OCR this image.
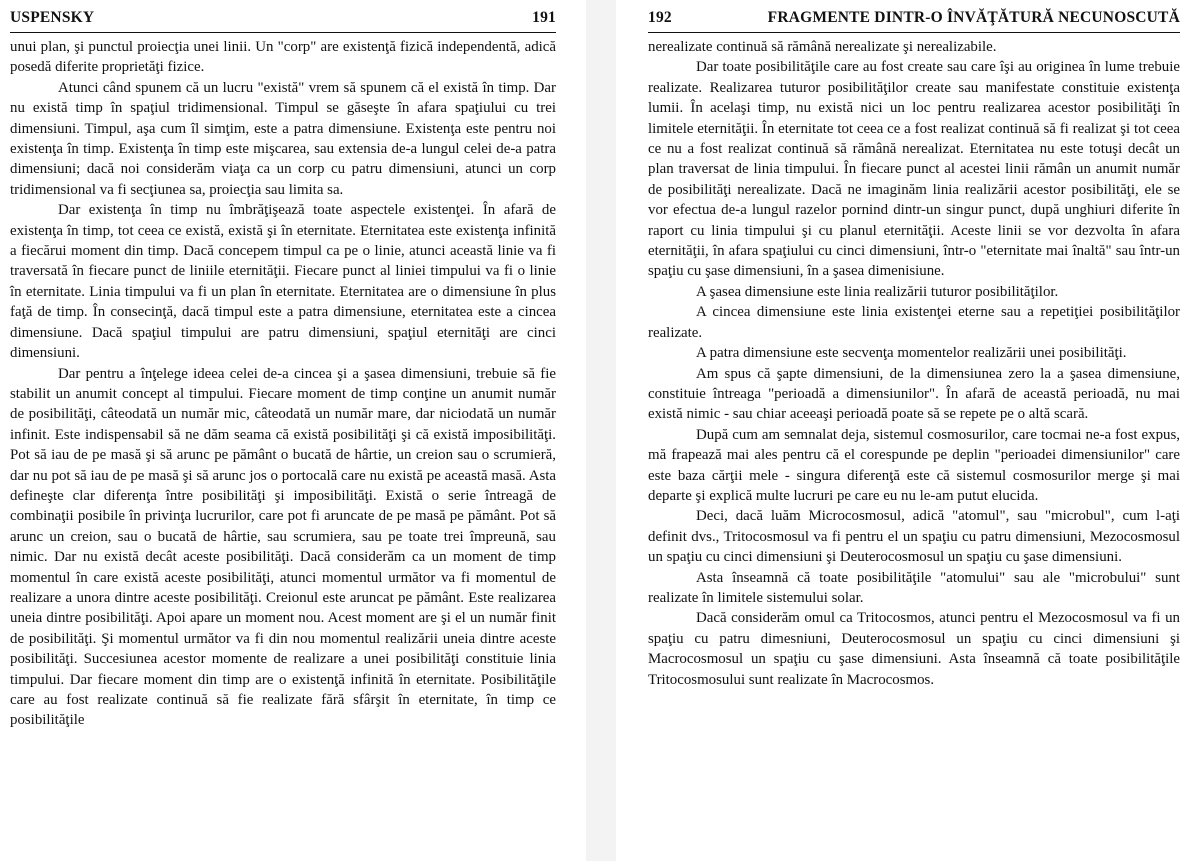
USPENSKY	191

unui plan, şi punctul proiecţia unei linii. Un "corp" are existenţă fizică independentă, adică posedă diferite proprietăţi fizice.

Atunci când spunem că un lucru "există" vrem să spunem că el există în timp. Dar nu există timp în spaţiul tridimensional. Timpul se găseşte în afara spaţiului cu trei dimensiuni. Timpul, aşa cum îl simţim, este a patra dimensiune. Existenţa este pentru noi existenţa în timp. Existenţa în timp este mişcarea, sau extensia de-a lungul celei de-a patra dimensiuni; dacă noi considerăm viaţa ca un corp cu patru dimensiuni, atunci un corp tridimensional va fi secţiunea sa, proiecţia sau limita sa.

Dar existenţa în timp nu îmbrăţişează toate aspectele existenţei. În afară de existenţa în timp, tot ceea ce există, există şi în eternitate. Eternitatea este existenţa infinită a fiecărui moment din timp. Dacă concepem timpul ca pe o linie, atunci această linie va fi traversată în fiecare punct de liniile eternităţii. Fiecare punct al liniei timpului va fi o linie în eternitate. Linia timpului va fi un plan în eternitate. Eternitatea are o dimensiune în plus faţă de timp. În consecinţă, dacă timpul este a patra dimensiune, eternitatea este a cincea dimensiune. Dacă spaţiul timpului are patru dimensiuni, spaţiul eternităţi are cinci dimensiuni.

Dar pentru a înţelege ideea celei de-a cincea şi a şasea dimensiuni, trebuie să fie stabilit un anumit concept al timpului. Fiecare moment de timp conţine un anumit număr de posibilităţi, câteodată un număr mic, câteodată un număr mare, dar niciodată un număr infinit. Este indispensabil să ne dăm seama că există posibilităţi şi că există imposibilităţi. Pot să iau de pe masă şi să arunc pe pământ o bucată de hârtie, un creion sau o scrumieră, dar nu pot să iau de pe masă şi să arunc jos o portocală care nu există pe această masă. Asta defineşte clar diferenţa între posibilităţi şi imposibilităţi. Există o serie întreagă de combinaţii posibile în privinţa lucrurilor, care pot fi aruncate de pe masă pe pământ. Pot să arunc un creion, sau o bucată de hârtie, sau scrumiera, sau pe toate trei împreună, sau nimic. Dar nu există decât aceste posibilităţi. Dacă considerăm ca un moment de timp momentul în care există aceste posibilităţi, atunci momentul următor va fi momentul de realizare a unora dintre aceste posibilităţi. Creionul este aruncat pe pământ. Este realizarea uneia dintre posibilităţi. Apoi apare un moment nou. Acest moment are şi el un număr finit de posibilităţi. Şi momentul următor va fi din nou momentul realizării uneia dintre aceste posibilităţi. Succesiunea acestor momente de realizare a unei posibilităţi constituie linia timpului. Dar fiecare moment din timp are o existenţă infinită în eternitate. Posibilităţile care au fost realizate continuă să fie realizate fără sfârşit în eternitate, în timp ce posibilităţile

192	FRAGMENTE DINTR-O ÎNVĂŢĂTURĂ NECUNOSCUTĂ

nerealizate continuă să rămână nerealizate şi nerealizabile.

Dar toate posibilităţile care au fost create sau care îşi au originea în lume trebuie realizate. Realizarea tuturor posibilităţilor create sau manifestate constituie existenţa lumii. În acelaşi timp, nu există nici un loc pentru realizarea acestor posibilităţi în limitele eternităţii. În eternitate tot ceea ce a fost realizat continuă să fi realizat şi tot ceea ce nu a fost realizat continuă să rămână nerealizat. Eternitatea nu este totuşi decât un plan traversat de linia timpului. În fiecare punct al acestei linii rămân un anumit număr de posibilităţi nerealizate. Dacă ne imaginăm linia realizării acestor posibilităţi, ele se vor efectua de-a lungul razelor pornind dintr-un singur punct, după unghiuri diferite în raport cu linia timpului şi cu planul eternităţii. Aceste linii se vor dezvolta în afara eternităţii, în afara spaţiului cu cinci dimensiuni, într-o "eternitate mai înaltă" sau într-un spaţiu cu şase dimensiuni, în a şasea dimenisiune.

A şasea dimensiune este linia realizării tuturor posibilităţilor.

A cincea dimensiune este linia existenţei eterne sau a repetiţiei posibilităţilor realizate.

A patra dimensiune este secvenţa momentelor realizării unei posibilităţi.

Am spus că şapte dimensiuni, de la dimensiunea zero la a şasea dimensiune, constituie întreaga "perioadă a dimensiunilor". În afară de această perioadă, nu mai există nimic - sau chiar aceeaşi perioadă poate să se repete pe o altă scară.

După cum am semnalat deja, sistemul cosmosurilor, care tocmai ne-a fost expus, mă frapează mai ales pentru că el corespunde pe deplin "perioadei dimensiunilor" care este baza cărţii mele - singura diferenţă este că sistemul cosmosurilor merge şi mai departe şi explică multe lucruri pe care eu nu le-am putut elucida.

Deci, dacă luăm Microcosmosul, adică "atomul", sau "microbul", cum l-aţi definit dvs., Tritocosmosul va fi pentru el un spaţiu cu patru dimensiuni, Mezocosmosul un spaţiu cu cinci dimensiuni şi Deuterocosmosul un spaţiu cu şase dimensiuni.

Asta înseamnă că toate posibilităţile "atomului" sau ale "microbului" sunt realizate în limitele sistemului solar.

Dacă considerăm omul ca Tritocosmos, atunci pentru el Mezocosmosul va fi un spaţiu cu patru dimesniuni, Deuterocosmosul un spaţiu cu cinci dimensiuni şi Macrocosmosul un spaţiu cu şase dimensiuni. Asta înseamnă că toate posibilităţile Tritocosmosului sunt realizate în Macrocosmos.
